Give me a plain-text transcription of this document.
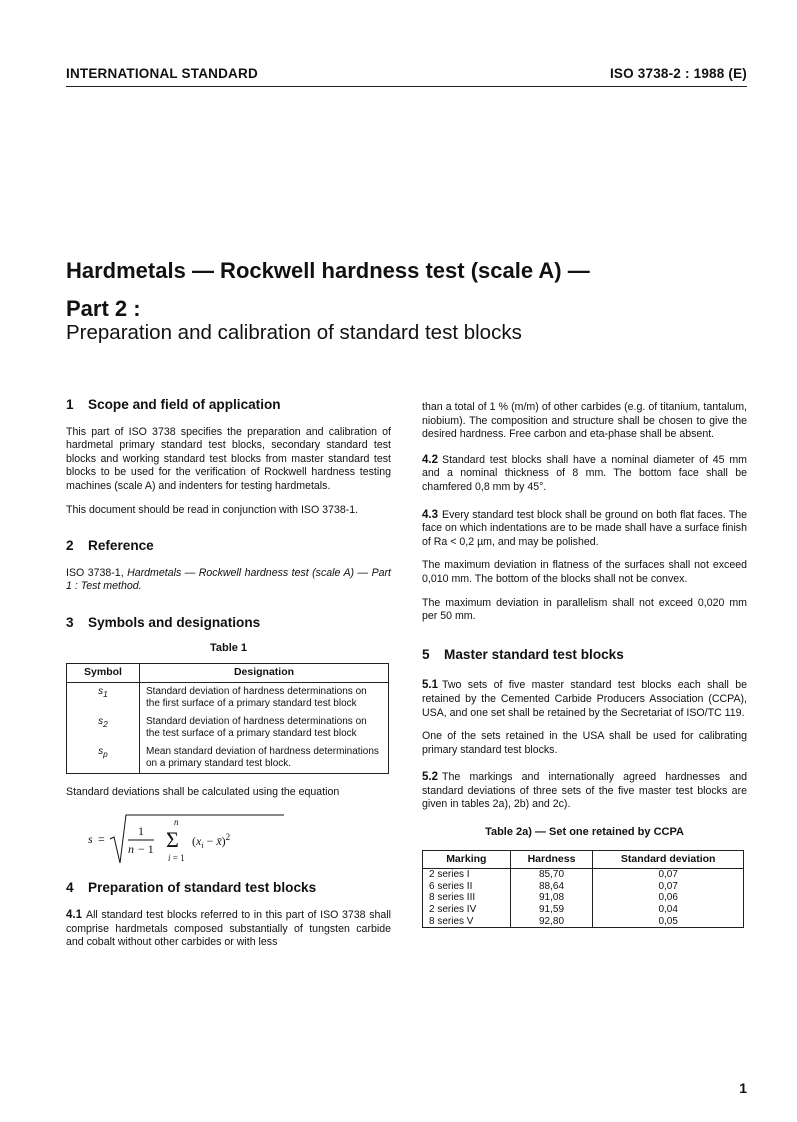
INTERNATIONAL STANDARD	ISO 3738-2 : 1988 (E)
Hardmetals — Rockwell hardness test (scale A) —
Part 2 :
Preparation and calibration of standard test blocks
1 Scope and field of application

This part of ISO 3738 specifies the preparation and calibration of hardmetal primary standard test blocks, secondary standard test blocks and working standard test blocks from master standard test blocks to be used for the verification of Rockwell hardness testing machines (scale A) and indenters for testing hardmetals.

This document should be read in conjunction with ISO 3738-1.

2 Reference

ISO 3738-1, Hardmetals — Rockwell hardness test (scale A) — Part 1 : Test method.

3 Symbols and designations
Table 1
Symbol	Designation
$s_1$	Standard deviation of hardness determinations on the first surface of a primary standard test block
$s_2$	Standard deviation of hardness determinations on the test surface of a primary standard test block
$s_p$	Mean standard deviation of hardness determinations on a primary standard test block.

Standard deviations shall be calculated using the equation

s =
1
n − 1
n
Σ
i = 1
($x_i$ − x̄)$^2$
4 Preparation of standard test blocks

4.1 All standard test blocks referred to in this part of ISO 3738 shall comprise hardmetals composed substantially of tungsten carbide and cobalt without other carbides or with less

than a total of 1 % (m/m) of other carbides (e.g. of titanium, tantalum, niobium). The composition and structure shall be chosen to give the desired hardness. Free carbon and eta-phase shall be absent.

4.2 Standard test blocks shall have a nominal diameter of 45 mm and a nominal thickness of 8 mm. The bottom face shall be chamfered 0,8 mm by 45°.

4.3 Every standard test block shall be ground on both flat faces. The face on which indentations are to be made shall have a surface finish of Ra < 0,2 µm, and may be polished.

The maximum deviation in flatness of the surfaces shall not exceed 0,010 mm. The bottom of the blocks shall not be convex.

The maximum deviation in parallelism shall not exceed 0,020 mm per 50 mm.

5 Master standard test blocks

5.1 Two sets of five master standard test blocks each shall be retained by the Cemented Carbide Producers Association (CCPA), USA, and one set shall be retained by the Secretariat of ISO/TC 119.

One of the sets retained in the USA shall be used for calibrating primary standard test blocks.

5.2 The markings and internationally agreed hardnesses and standard deviations of three sets of the five master test blocks are given in tables 2a), 2b) and 2c).

Table 2a) — Set one retained by CCPA
Marking	Hardness	Standard deviation
2 series I	85,70	0,07
6 series II	88,64	0,07
8 series III	91,08	0,06
2 series IV	91,59	0,04
8 series V	92,80	0,05
1
